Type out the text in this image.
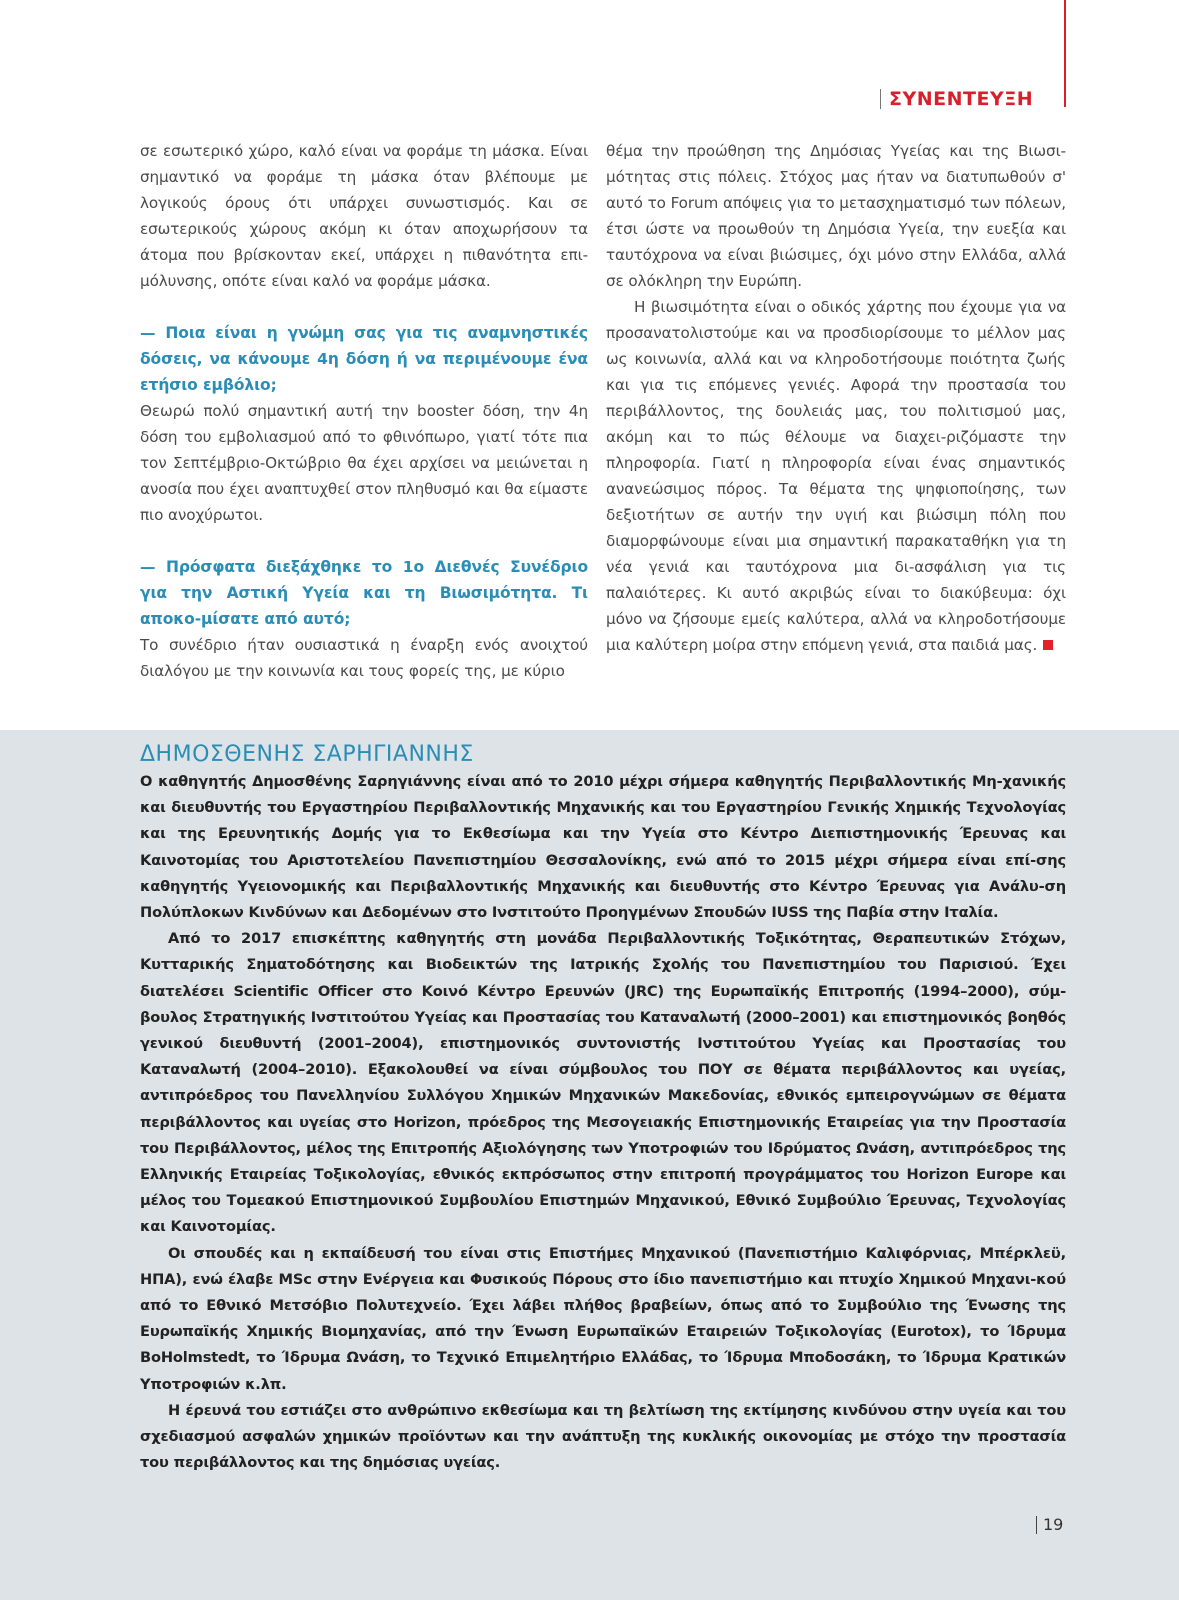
ΣΥΝΕΝΤΕΥΞΗ

σε εσωτερικό χώρο, καλό είναι να φοράμε τη μάσκα. Είναι σημαντικό να φοράμε τη μάσκα όταν βλέπουμε με λογικούς όρους ότι υπάρχει συνωστισμός. Και σε εσωτερικούς χώρους ακόμη κι όταν αποχωρήσουν τα άτομα που βρίσκονταν εκεί, υπάρχει η πιθανότητα επι-μόλυνσης, οπότε είναι καλό να φοράμε μάσκα.

— Ποια είναι η γνώμη σας για τις αναμνηστικές δόσεις, να κάνουμε 4η δόση ή να περιμένουμε ένα ετήσιο εμβόλιο;

Θεωρώ πολύ σημαντική αυτή την booster δόση, την 4η δόση του εμβολιασμού από το φθινόπωρο, γιατί τότε πια τον Σεπτέμβριο-Οκτώβριο θα έχει αρχίσει να μειώνεται η ανοσία που έχει αναπτυχθεί στον πληθυσμό και θα είμαστε πιο ανοχύρωτοι.

— Πρόσφατα διεξάχθηκε το 1ο Διεθνές Συνέδριο για την Αστική Υγεία και τη Βιωσιμότητα. Τι αποκο-μίσατε από αυτό;

Το συνέδριο ήταν ουσιαστικά η έναρξη ενός ανοιχτού διαλόγου με την κοινωνία και τους φορείς της, με κύριο

θέμα την προώθηση της Δημόσιας Υγείας και της Βιωσι-μότητας στις πόλεις. Στόχος μας ήταν να διατυπωθούν σ' αυτό το Forum απόψεις για το μετασχηματισμό των πόλεων, έτσι ώστε να προωθούν τη Δημόσια Υγεία, την ευεξία και ταυτόχρονα να είναι βιώσιμες, όχι μόνο στην Ελλάδα, αλλά σε ολόκληρη την Ευρώπη.

Η βιωσιμότητα είναι ο οδικός χάρτης που έχουμε για να προσανατολιστούμε και να προσδιορίσουμε το μέλλον μας ως κοινωνία, αλλά και να κληροδοτήσουμε ποιότητα ζωής και για τις επόμενες γενιές. Αφορά την προστασία του περιβάλλοντος, της δουλειάς μας, του πολιτισμού μας, ακόμη και το πώς θέλουμε να διαχει-ριζόμαστε την πληροφορία. Γιατί η πληροφορία είναι ένας σημαντικός ανανεώσιμος πόρος. Τα θέματα της ψηφιοποίησης, των δεξιοτήτων σε αυτήν την υγιή και βιώσιμη πόλη που διαμορφώνουμε είναι μια σημαντική παρακαταθήκη για τη νέα γενιά και ταυτόχρονα μια δι-ασφάλιση για τις παλαιότερες. Κι αυτό ακριβώς είναι το διακύβευμα: όχι μόνο να ζήσουμε εμείς καλύτερα, αλλά να κληροδοτήσουμε μια καλύτερη μοίρα στην επόμενη γενιά, στα παιδιά μας.

ΔΗΜΟΣΘΕΝΗΣ ΣΑΡΗΓΙΑΝΝΗΣ

Ο καθηγητής Δημοσθένης Σαρηγιάννης είναι από το 2010 μέχρι σήμερα καθηγητής Περιβαλλοντικής Μη-χανικής και διευθυντής του Εργαστηρίου Περιβαλλοντικής Μηχανικής και του Εργαστηρίου Γενικής Χημικής Τεχνολογίας και της Ερευνητικής Δομής για το Εκθεσίωμα και την Υγεία στο Κέντρο Διεπιστημονικής Έρευνας και Καινοτομίας του Αριστοτελείου Πανεπιστημίου Θεσσαλονίκης, ενώ από το 2015 μέχρι σήμερα είναι επί-σης καθηγητής Υγειονομικής και Περιβαλλοντικής Μηχανικής και διευθυντής στο Κέντρο Έρευνας για Ανάλυ-ση Πολύπλοκων Κινδύνων και Δεδομένων στο Ινστιτούτο Προηγμένων Σπουδών IUSS της Παβία στην Ιταλία.

Από το 2017 επισκέπτης καθηγητής στη μονάδα Περιβαλλοντικής Τοξικότητας, Θεραπευτικών Στόχων, Κυτταρικής Σηματοδότησης και Βιοδεικτών της Ιατρικής Σχολής του Πανεπιστημίου του Παρισιού. Έχει διατελέσει Scientific Officer στο Κοινό Κέντρο Ερευνών (JRC) της Ευρωπαϊκής Επιτροπής (1994–2000), σύμ-βουλος Στρατηγικής Ινστιτούτου Υγείας και Προστασίας του Καταναλωτή (2000–2001) και επιστημονικός βοηθός γενικού διευθυντή (2001–2004), επιστημονικός συντονιστής Ινστιτούτου Υγείας και Προστασίας του Καταναλωτή (2004–2010). Εξακολουθεί να είναι σύμβουλος του ΠΟΥ σε θέματα περιβάλλοντος και υγείας, αντιπρόεδρος του Πανελληνίου Συλλόγου Χημικών Μηχανικών Μακεδονίας, εθνικός εμπειρογνώμων σε θέματα περιβάλλοντος και υγείας στο Horizon, πρόεδρος της Μεσογειακής Επιστημονικής Εταιρείας για την Προστασία του Περιβάλλοντος, μέλος της Επιτροπής Αξιολόγησης των Υποτροφιών του Ιδρύματος Ωνάση, αντιπρόεδρος της Ελληνικής Εταιρείας Τοξικολογίας, εθνικός εκπρόσωπος στην επιτροπή προγράμματος του Horizon Europe και μέλος του Τομεακού Επιστημονικού Συμβουλίου Επιστημών Μηχανικού, Εθνικό Συμβούλιο Έρευνας, Τεχνολογίας και Καινοτομίας.

Οι σπουδές και η εκπαίδευσή του είναι στις Επιστήμες Μηχανικού (Πανεπιστήμιο Καλιφόρνιας, Μπέρκλεϋ, ΗΠΑ), ενώ έλαβε MSc στην Ενέργεια και Φυσικούς Πόρους στο ίδιο πανεπιστήμιο και πτυχίο Χημικού Μηχανι-κού από το Εθνικό Μετσόβιο Πολυτεχνείο. Έχει λάβει πλήθος βραβείων, όπως από το Συμβούλιο της Ένωσης της Ευρωπαϊκής Χημικής Βιομηχανίας, από την Ένωση Ευρωπαϊκών Εταιρειών Τοξικολογίας (Eurotox), το Ίδρυμα BoHolmstedt, το Ίδρυμα Ωνάση, το Τεχνικό Επιμελητήριο Ελλάδας, το Ίδρυμα Μποδοσάκη, το Ίδρυμα Κρατικών Υποτροφιών κ.λπ.

Η έρευνά του εστιάζει στο ανθρώπινο εκθεσίωμα και τη βελτίωση της εκτίμησης κινδύνου στην υγεία και του σχεδιασμού ασφαλών χημικών προϊόντων και την ανάπτυξη της κυκλικής οικονομίας με στόχο την προστασία του περιβάλλοντος και της δημόσιας υγείας.

19
